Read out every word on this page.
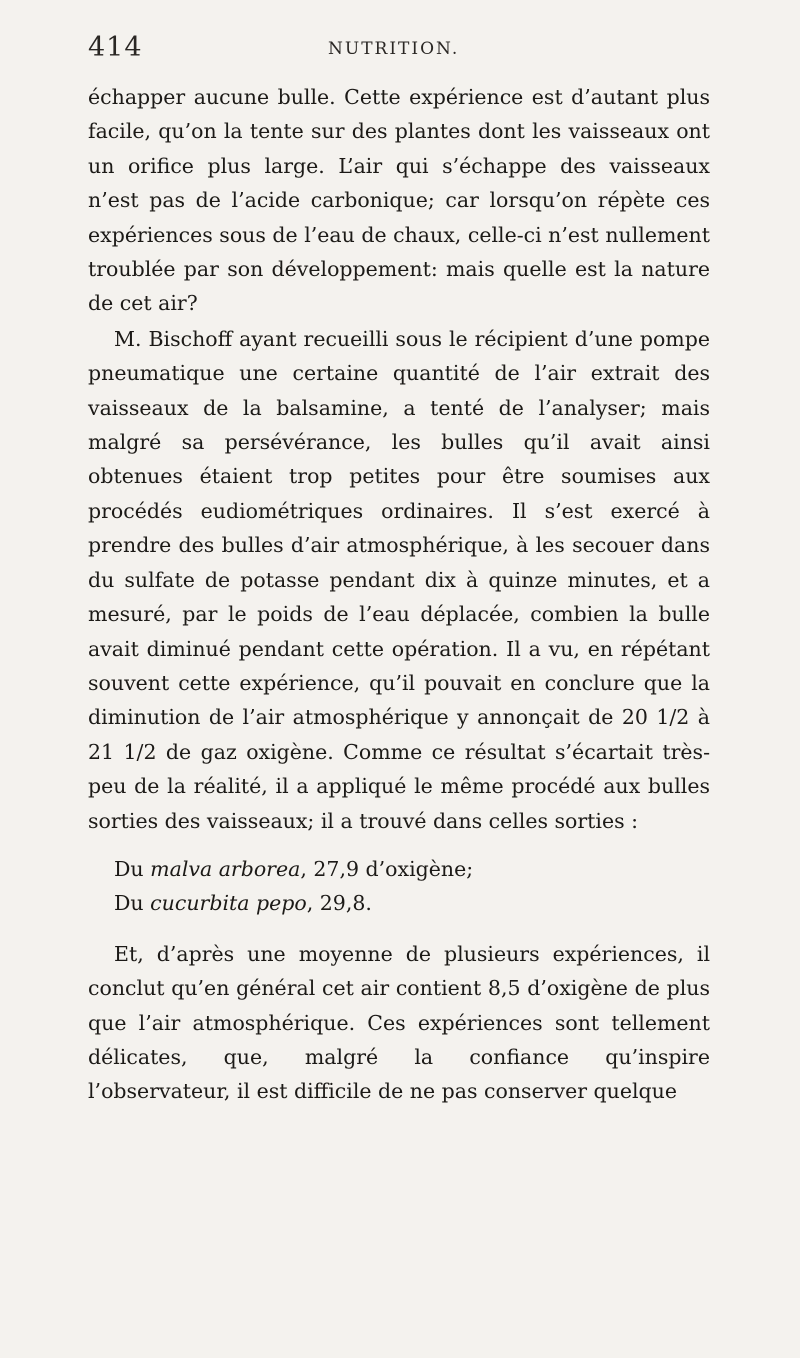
414	NUTRITION.

échapper aucune bulle. Cette expérience est d’autant plus facile, qu’on la tente sur des plantes dont les vaisseaux ont un orifice plus large. L’air qui s’échappe des vaisseaux n’est pas de l’acide carbonique; car lorsqu’on répète ces expériences sous de l’eau de chaux, celle-ci n’est nullement troublée par son développement: mais quelle est la nature de cet air?

M. Bischoff ayant recueilli sous le récipient d’une pompe pneumatique une certaine quantité de l’air extrait des vaisseaux de la balsamine, a tenté de l’analyser; mais malgré sa persévérance, les bulles qu’il avait ainsi obtenues étaient trop petites pour être soumises aux procédés eudiométriques ordinaires. Il s’est exercé à prendre des bulles d’air atmosphérique, à les secouer dans du sulfate de potasse pendant dix à quinze minutes, et a mesuré, par le poids de l’eau déplacée, combien la bulle avait diminué pendant cette opération. Il a vu, en répétant souvent cette expérience, qu’il pouvait en conclure que la diminution de l’air atmosphérique y annonçait de 20 1/2 à 21 1/2 de gaz oxigène. Comme ce résultat s’écartait très-peu de la réalité, il a appliqué le même procédé aux bulles sorties des vaisseaux; il a trouvé dans celles sorties :

Du malva arborea, 27,9 d’oxigène;

Du cucurbita pepo, 29,8.

Et, d’après une moyenne de plusieurs expériences, il conclut qu’en général cet air contient 8,5 d’oxigène de plus que l’air atmosphérique. Ces expériences sont tellement délicates, que, malgré la confiance qu’inspire l’observateur, il est difficile de ne pas conserver quelque
